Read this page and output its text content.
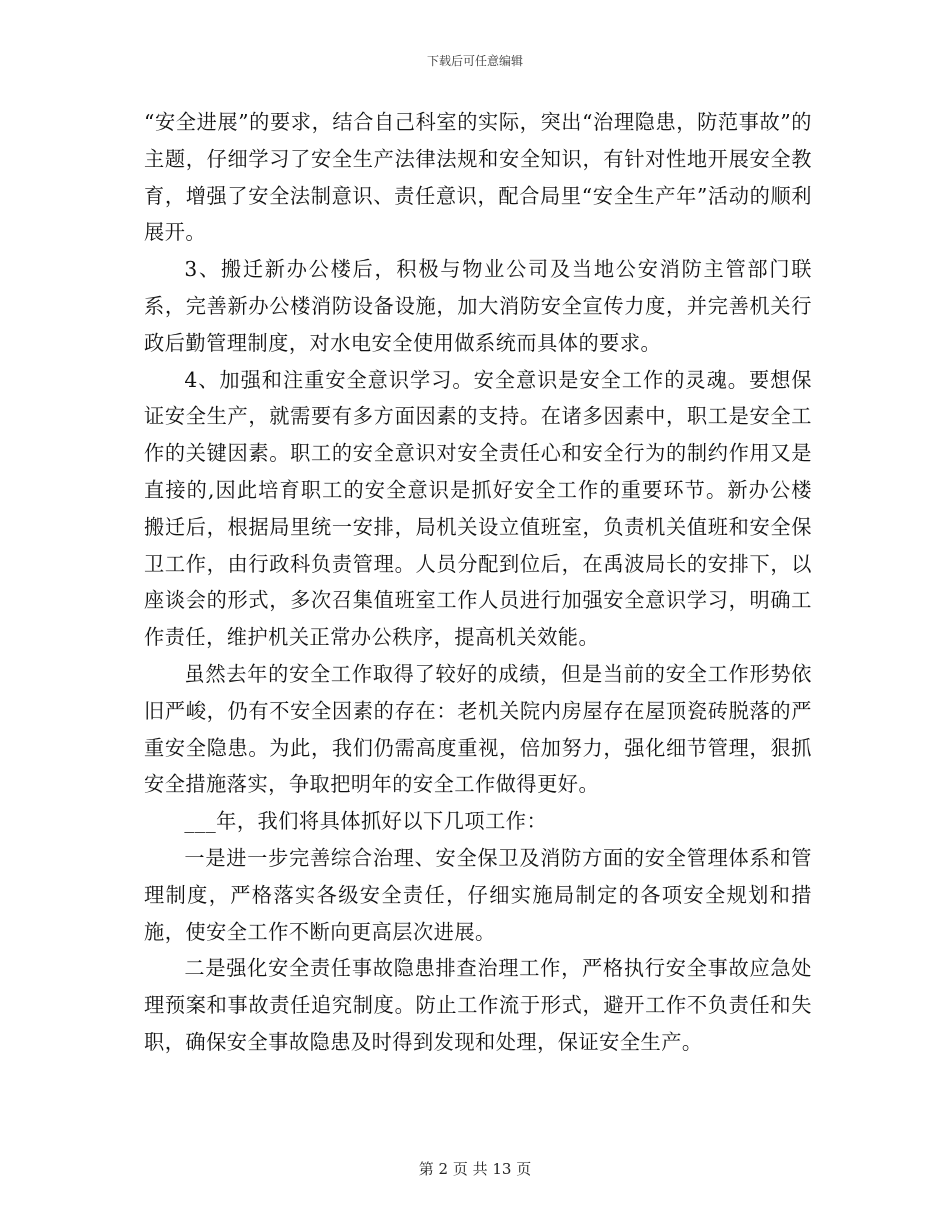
下载后可任意编辑

“安全进展”的要求，结合自己科室的实际，突出“治理隐患，防范事故”的主题，仔细学习了安全生产法律法规和安全知识，有针对性地开展安全教育，增强了安全法制意识、责任意识，配合局里“安全生产年”活动的顺利展开。

3、搬迁新办公楼后，积极与物业公司及当地公安消防主管部门联系，完善新办公楼消防设备设施，加大消防安全宣传力度，并完善机关行政后勤管理制度，对水电安全使用做系统而具体的要求。

4、加强和注重安全意识学习。安全意识是安全工作的灵魂。要想保证安全生产，就需要有多方面因素的支持。在诸多因素中，职工是安全工作的关键因素。职工的安全意识对安全责任心和安全行为的制约作用又是直接的,因此培育职工的安全意识是抓好安全工作的重要环节。新办公楼搬迁后，根据局里统一安排，局机关设立值班室，负责机关值班和安全保卫工作，由行政科负责管理。人员分配到位后，在禹波局长的安排下，以座谈会的形式，多次召集值班室工作人员进行加强安全意识学习，明确工作责任，维护机关正常办公秩序，提高机关效能。

虽然去年的安全工作取得了较好的成绩，但是当前的安全工作形势依旧严峻，仍有不安全因素的存在：老机关院内房屋存在屋顶瓷砖脱落的严重安全隐患。为此，我们仍需高度重视，倍加努力，强化细节管理，狠抓安全措施落实，争取把明年的安全工作做得更好。

___年，我们将具体抓好以下几项工作：

一是进一步完善综合治理、安全保卫及消防方面的安全管理体系和管理制度，严格落实各级安全责任，仔细实施局制定的各项安全规划和措施，使安全工作不断向更高层次进展。

二是强化安全责任事故隐患排查治理工作，严格执行安全事故应急处理预案和事故责任追究制度。防止工作流于形式，避开工作不负责任和失职，确保安全事故隐患及时得到发现和处理，保证安全生产。

第 2 页 共 13 页
